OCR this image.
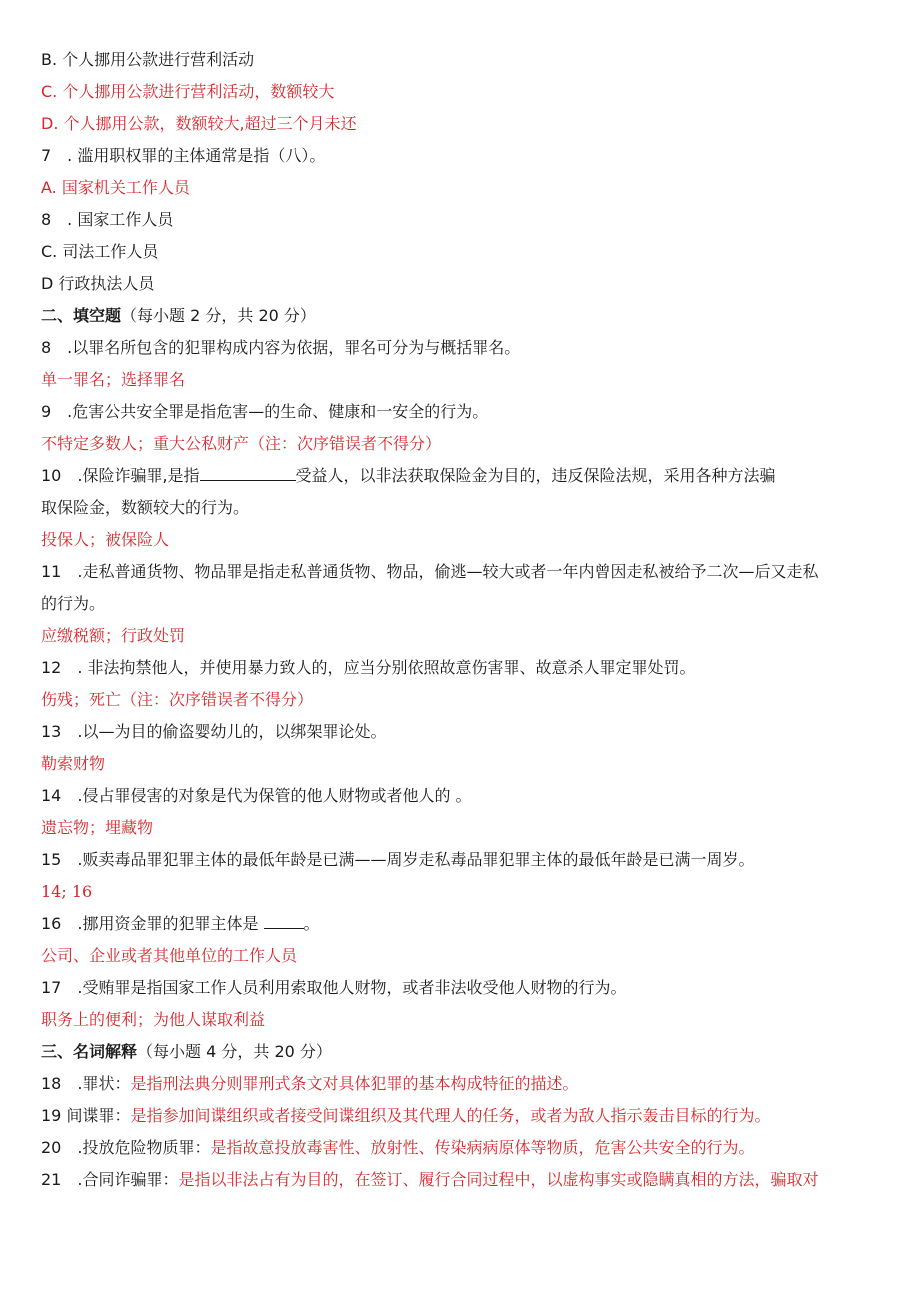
B. 个人挪用公款进行营利活动
C. 个人挪用公款进行营利活动，数额较大
D. 个人挪用公款，数额较大,超过三个月未还
7　. 滥用职权罪的主体通常是指（八）。
A. 国家机关工作人员
8　. 国家工作人员
C. 司法工作人员
D 行政执法人员
二、填空题（每小题 2 分，共 20 分）
8　.以罪名所包含的犯罪构成内容为依据，罪名可分为与概括罪名。
单一罪名；选择罪名
9　.危害公共安全罪是指危害—的生命、健康和一安全的行为。
不特定多数人；重大公私财产（注：次序错误者不得分）
10　.保险诈骗罪,是指	受益人，以非法获取保险金为目的，违反保险法规，采用各种方法骗
取保险金，数额较大的行为。
投保人；被保险人
11　.走私普通货物、物品罪是指走私普通货物、物品，偷逃—较大或者一年内曾因走私被给予二次—后又走私
的行为。
应缴税额；行政处罚
12　. 非法拘禁他人，并使用暴力致人的，应当分别依照故意伤害罪、故意杀人罪定罪处罚。
伤残；死亡（注：次序错误者不得分）
13　.以—为目的偷盗婴幼儿的，以绑架罪论处。
勒索财物
14　.侵占罪侵害的对象是代为保管的他人财物或者他人的 。
遗忘物；埋藏物
15　.贩卖毒品罪犯罪主体的最低年龄是已满——周岁走私毒品罪犯罪主体的最低年龄是已满一周岁。
14; 16
16　.挪用资金罪的犯罪主体是	。
公司、企业或者其他单位的工作人员
17　.受贿罪是指国家工作人员利用索取他人财物，或者非法收受他人财物的行为。
职务上的便利；为他人谋取利益
三、名词解释（每小题 4 分，共 20 分）
18　.罪状：是指刑法典分则罪刑式条文对具体犯罪的基本构成特征的描述。
19 间谍罪：是指参加间谍组织或者接受间谍组织及其代理人的任务，或者为敌人指示轰击目标的行为。
20　.投放危险物质罪：是指故意投放毒害性、放射性、传染病病原体等物质，危害公共安全的行为。
21　.合同诈骗罪：是指以非法占有为目的，在签订、履行合同过程中，以虚构事实或隐瞒真相的方法，骗取对
